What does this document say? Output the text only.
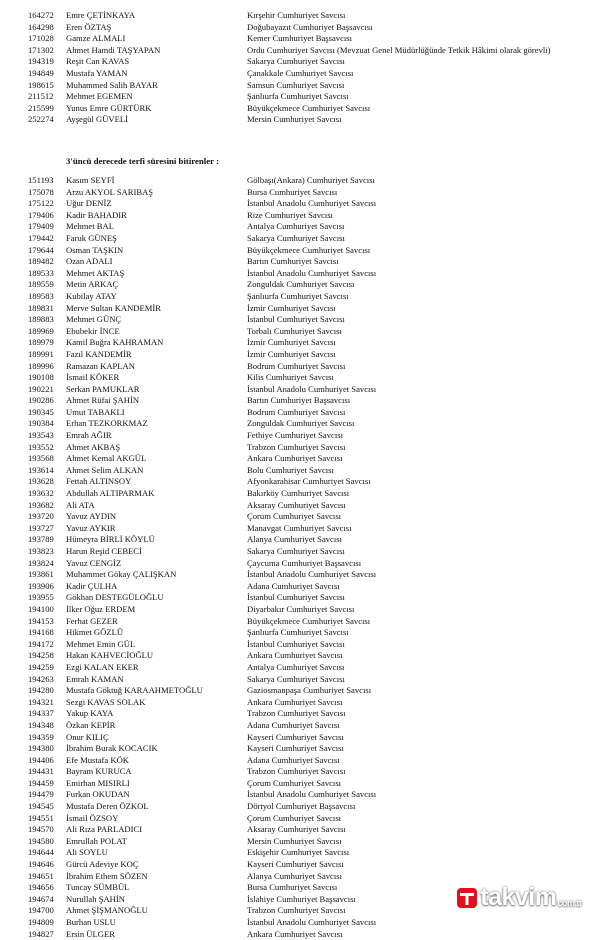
164272 Emre ÇETİNKAYA	Kırşehir Cumhuriyet Savcısı
164298 Eren ÖZTAŞ	Doğubayazıt Cumhuriyet Başsavcısı
171028 Gamze ALMALI	Kemer Cumhuriyet Başsavcısı
171302 Ahmet Hamdi TAŞYAPAN	Ordu Cumhuriyet Savcısı (Mevzuat Genel Müdürlüğünde Tetkik Hâkimi olarak görevli)
194319 Reşit Can KAVAS	Sakarya Cumhuriyet Savcısı
194849 Mustafa YAMAN	Çanakkale Cumhuriyet Savcısı
198615 Muhammed Salih BAYAR	Samsun Cumhuriyet Savcısı
211512 Mehmet EGEMEN	Şanlıurfa Cumhuriyet Savcısı
215599 Yunus Emre GÜRTÜRK	Büyükçekmece Cumhuriyet Savcısı
252274 Ayşegül GÜVELİ	Mersin Cumhuriyet Savcısı
3'üncü derecede terfi süresini bitirenler :
151193 Kasım SEYFİ	Gölbaşı(Ankara) Cumhuriyet Savcısı
175078 Arzu AKYOL SARIBAŞ	Bursa Cumhuriyet Savcısı
175122 Uğur DENİZ	İstanbul Anadolu Cumhuriyet Savcısı
179406 Kadir BAHADIR	Rize Cumhuriyet Savcısı
179409 Mehmet BAL	Antalya Cumhuriyet Savcısı
179442 Faruk GÜNEŞ	Sakarya Cumhuriyet Savcısı
179644 Osman TAŞKIN	Büyükçekmece Cumhuriyet Savcısı
189482 Ozan ADALI	Bartın Cumhuriyet Savcısı
189533 Mehmet AKTAŞ	İstanbul Anadolu Cumhuriyet Savcısı
189559 Metin ARKAÇ	Zonguldak Cumhuriyet Savcısı
189583 Kubilay ATAY	Şanlıurfa Cumhuriyet Savcısı
189831 Merve Sultan KANDEMİR	İzmir Cumhuriyet Savcısı
189883 Mehmet GÜNÇ	İstanbul Cumhuriyet Savcısı
189969 Ebubekir İNCE	Torbalı Cumhuriyet Savcısı
189979 Kamil Buğra KAHRAMAN	İzmir Cumhuriyet Savcısı
189991 Fazıl KANDEMİR	İzmir Cumhuriyet Savcısı
189996 Ramazan KAPLAN	Bodrum Cumhuriyet Savcısı
190108 İsmail KÖKER	Kilis Cumhuriyet Savcısı
190221 Serkan PAMUKLAR	İstanbul Anadolu Cumhuriyet Savcısı
190286 Ahmet Rüfai ŞAHİN	Bartın Cumhuriyet Başsavcısı
190345 Umut TABAKLI	Bodrum Cumhuriyet Savcısı
190384 Erhan TEZKORKMAZ	Zonguldak Cumhuriyet Savcısı
193543 Emrah AĞIR	Fethiye Cumhuriyet Savcısı
193552 Ahmet AKBAŞ	Trabzon Cumhuriyet Savcısı
193568 Ahmet Kemal AKGÜL	Ankara Cumhuriyet Savcısı
193614 Ahmet Selim ALKAN	Bolu Cumhuriyet Savcısı
193628 Fettah ALTINSOY	Afyonkarahisar Cumhuriyet Savcısı
193632 Abdullah ALTIPARMAK	Bakırköy Cumhuriyet Savcısı
193682 Ali ATA	Aksaray Cumhuriyet Savcısı
193720 Yavuz AYDIN	Çorum Cumhuriyet Savcısı
193727 Yavuz AYKIR	Manavgat Cumhuriyet Savcısı
193789 Hümeyra BİRLİ KÖYLÜ	Alanya Cumhuriyet Savcısı
193823 Harun Reşid CEBECİ	Sakarya Cumhuriyet Savcısı
193824 Yavuz CENGİZ	Çaycuma Cumhuriyet Başsavcısı
193861 Muhammet Gökay ÇALIŞKAN	İstanbul Anadolu Cumhuriyet Savcısı
193906 Kadir ÇULHA	Adana Cumhuriyet Savcısı
193955 Gökhan DESTEGÜLOĞLU	İstanbul Cumhuriyet Savcısı
194100 İlker Oğuz ERDEM	Diyarbakır Cumhuriyet Savcısı
194153 Ferhat GEZER	Büyükçekmece Cumhuriyet Savcısı
194168 Hikmet GÖZLÜ	Şanlıurfa Cumhuriyet Savcısı
194172 Mehmet Emin GÜL	İstanbul Cumhuriyet Savcısı
194258 Hakan KAHVECİOĞLU	Ankara Cumhuriyet Savcısı
194259 Ezgi KALAN EKER	Antalya Cumhuriyet Savcısı
194263 Emrah KAMAN	Sakarya Cumhuriyet Savcısı
194280 Mustafa Göktuğ KARAAHMETOĞLU	Gaziosmanpaşa Cumhuriyet Savcısı
194321 Sezgi KAVAS SOLAK	Ankara Cumhuriyet Savcısı
194337 Yakup KAYA	Trabzon Cumhuriyet Savcısı
194348 Özkan KEPİR	Adana Cumhuriyet Savcısı
194359 Onur KILIÇ	Kayseri Cumhuriyet Savcısı
194380 İbrahim Burak KOCACIK	Kayseri Cumhuriyet Savcısı
194406 Efe Mustafa KÖK	Adana Cumhuriyet Savcısı
194431 Bayram KURUCA	Trabzon Cumhuriyet Savcısı
194459 Emirhan MISIRLI	Çorum Cumhuriyet Savcısı
194479 Furkan OKUDAN	İstanbul Anadolu Cumhuriyet Savcısı
194545 Mustafa Deren ÖZKOL	Dörtyol Cumhuriyet Başsavcısı
194551 İsmail ÖZSOY	Çorum Cumhuriyet Savcısı
194570 Ali Rıza PARLADICI	Aksaray Cumhuriyet Savcısı
194580 Emrullah POLAT	Mersin Cumhuriyet Savcısı
194644 Ali SOYLU	Eskişehir Cumhuriyet Savcısı
194646 Gürcü Adeviye KOÇ	Kayseri Cumhuriyet Savcısı
194651 İbrahim Ethem SÖZEN	Alanya Cumhuriyet Savcısı
194656 Tuncay SÜMBÜL	Bursa Cumhuriyet Savcısı
194674 Nurullah ŞAHİN	İslahiye Cumhuriyet Başsavcısı
194700 Ahmet ŞİŞMANOĞLU	Trabzon Cumhuriyet Savcısı
194809 Burhan USLU	İstanbul Anadolu Cumhuriyet Savcısı
194827 Ersin ÜLGER	Ankara Cumhuriyet Savcısı
takvim com.tr
